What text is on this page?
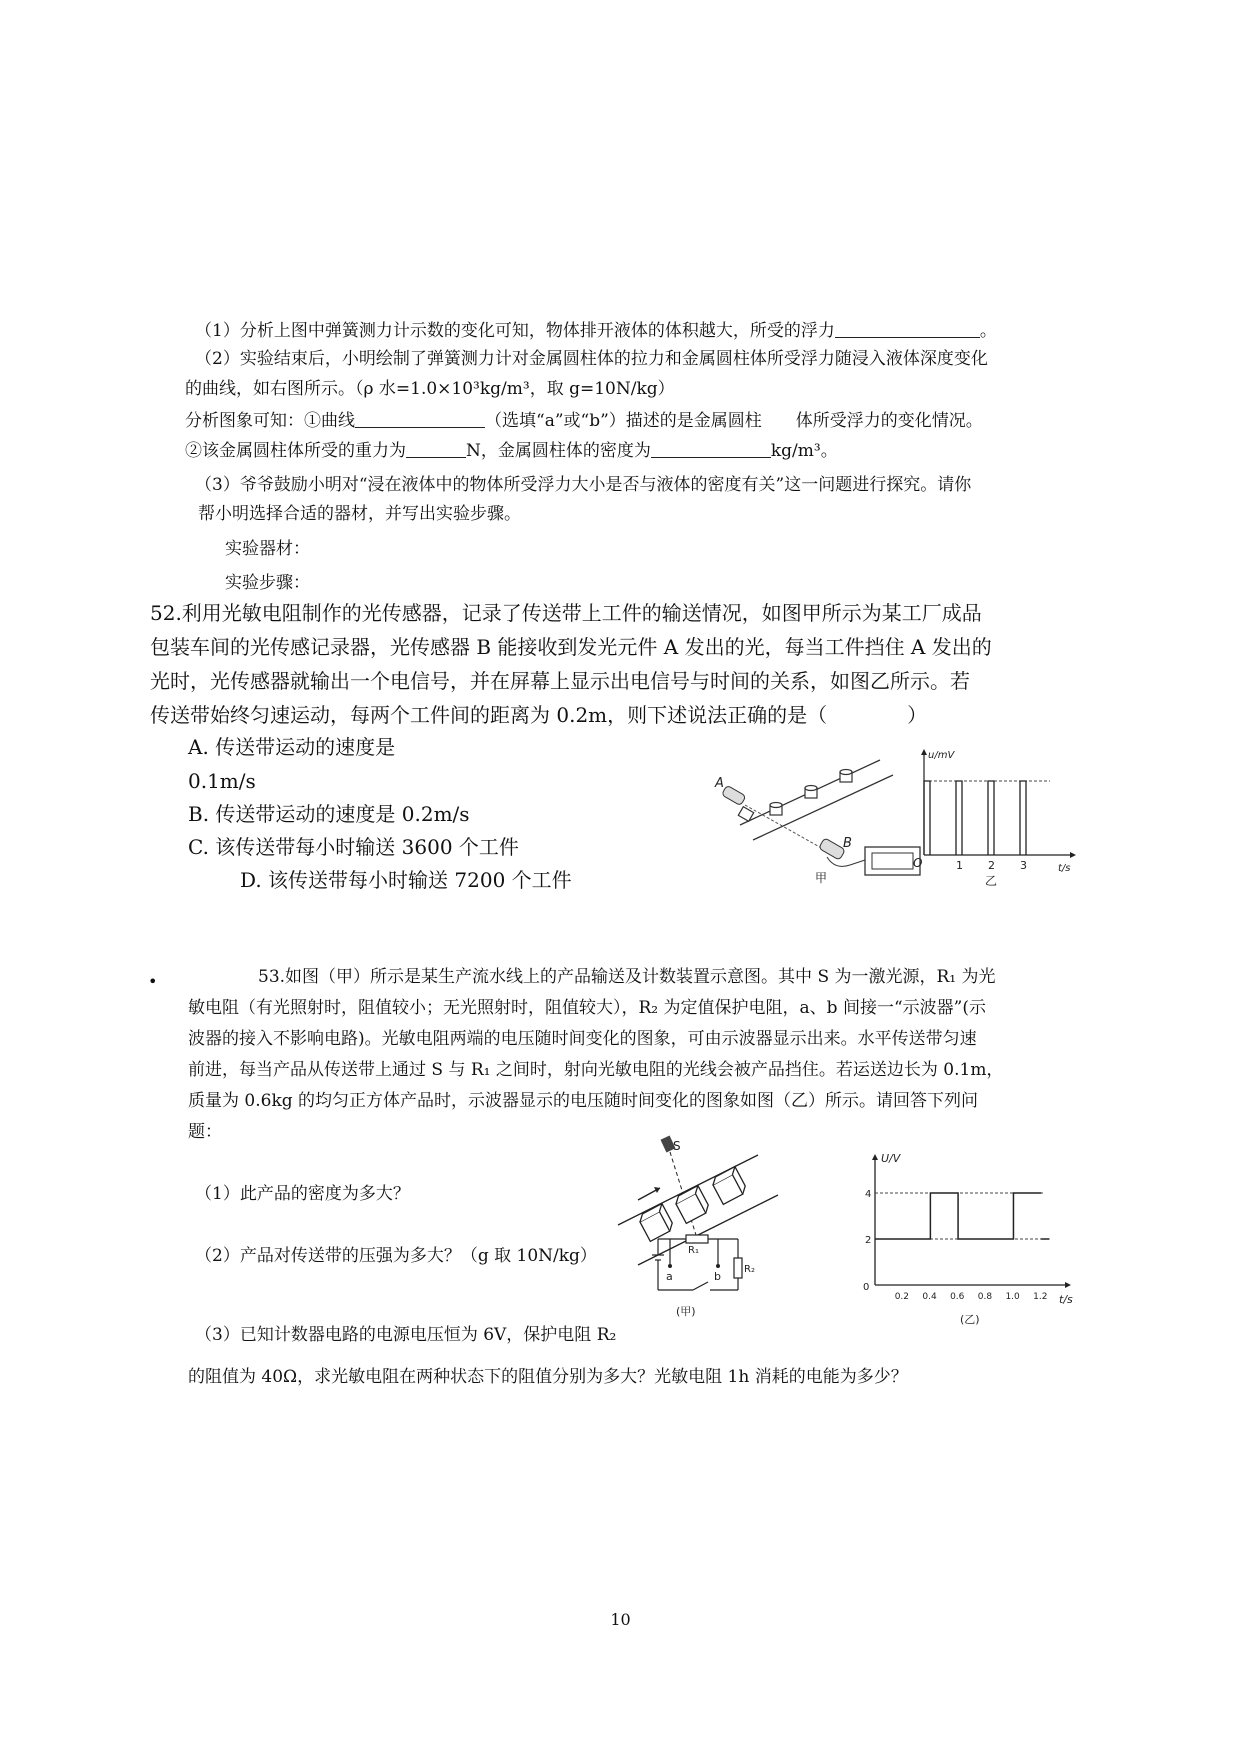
（1）分析上图中弹簧测力计示数的变化可知，物体排开液体的体积越大，所受的浮力	。
（2）实验结束后，小明绘制了弹簧测力计对金属圆柱体的拉力和金属圆柱体所受浮力随浸入液体深度变化
的曲线，如右图所示。（ρ 水=1.0×10³kg/m³，取 g=10N/kg）
分析图象可知：①曲线	（选填“a”或“b”）描述的是金属圆柱　　体所受浮力的变化情况。
②该金属圆柱体所受的重力为	N，金属圆柱体的密度为	kg/m³。
（3）爷爷鼓励小明对“浸在液体中的物体所受浮力大小是否与液体的密度有关”这一问题进行探究。请你
帮小明选择合适的器材，并写出实验步骤。
实验器材：
实验步骤：
52.利用光敏电阻制作的光传感器，记录了传送带上工件的输送情况，如图甲所示为某工厂成品
包装车间的光传感记录器，光传感器 B 能接收到发光元件 A 发出的光，每当工件挡住 A 发出的
光时，光传感器就输出一个电信号，并在屏幕上显示出电信号与时间的关系，如图乙所示。若
传送带始终匀速运动，每两个工件间的距离为 0.2m，则下述说法正确的是（　　　　）
A. 传送带运动的速度是
0.1m/s
B. 传送带运动的速度是 0.2m/s
C. 该传送带每小时输送 3600 个工件
D. 该传送带每小时输送 7200 个工件
A
B
甲
u/mV
t/s
O	1 2 3
乙
•	53.如图（甲）所示是某生产流水线上的产品输送及计数装置示意图。其中 S 为一激光源，R₁ 为光
敏电阻（有光照射时，阻值较小；无光照射时，阻值较大），R₂ 为定值保护电阻，a、b 间接一“示波器”(示
波器的接入不影响电路)。光敏电阻两端的电压随时间变化的图象，可由示波器显示出来。水平传送带匀速
前进，每当产品从传送带上通过 S 与 R₁ 之间时，射向光敏电阻的光线会被产品挡住。若运送边长为 0.1m，
质量为 0.6kg 的均匀正方体产品时，示波器显示的电压随时间变化的图象如图（乙）所示。请回答下列问
题：
（1）此产品的密度为多大？
（2）产品对传送带的压强为多大？（g 取 10N/kg）
（3）已知计数器电路的电源电压恒为 6V，保护电阻 R₂
的阻值为 40Ω，求光敏电阻在两种状态下的阻值分别为多大？光敏电阻 1h 消耗的电能为多少？
S
R₁
R₂
a	b
(甲)
U/V
t/s
0
0.2 0.4 0.6 0.8 1.0 1.2
2
4
(乙)
10
